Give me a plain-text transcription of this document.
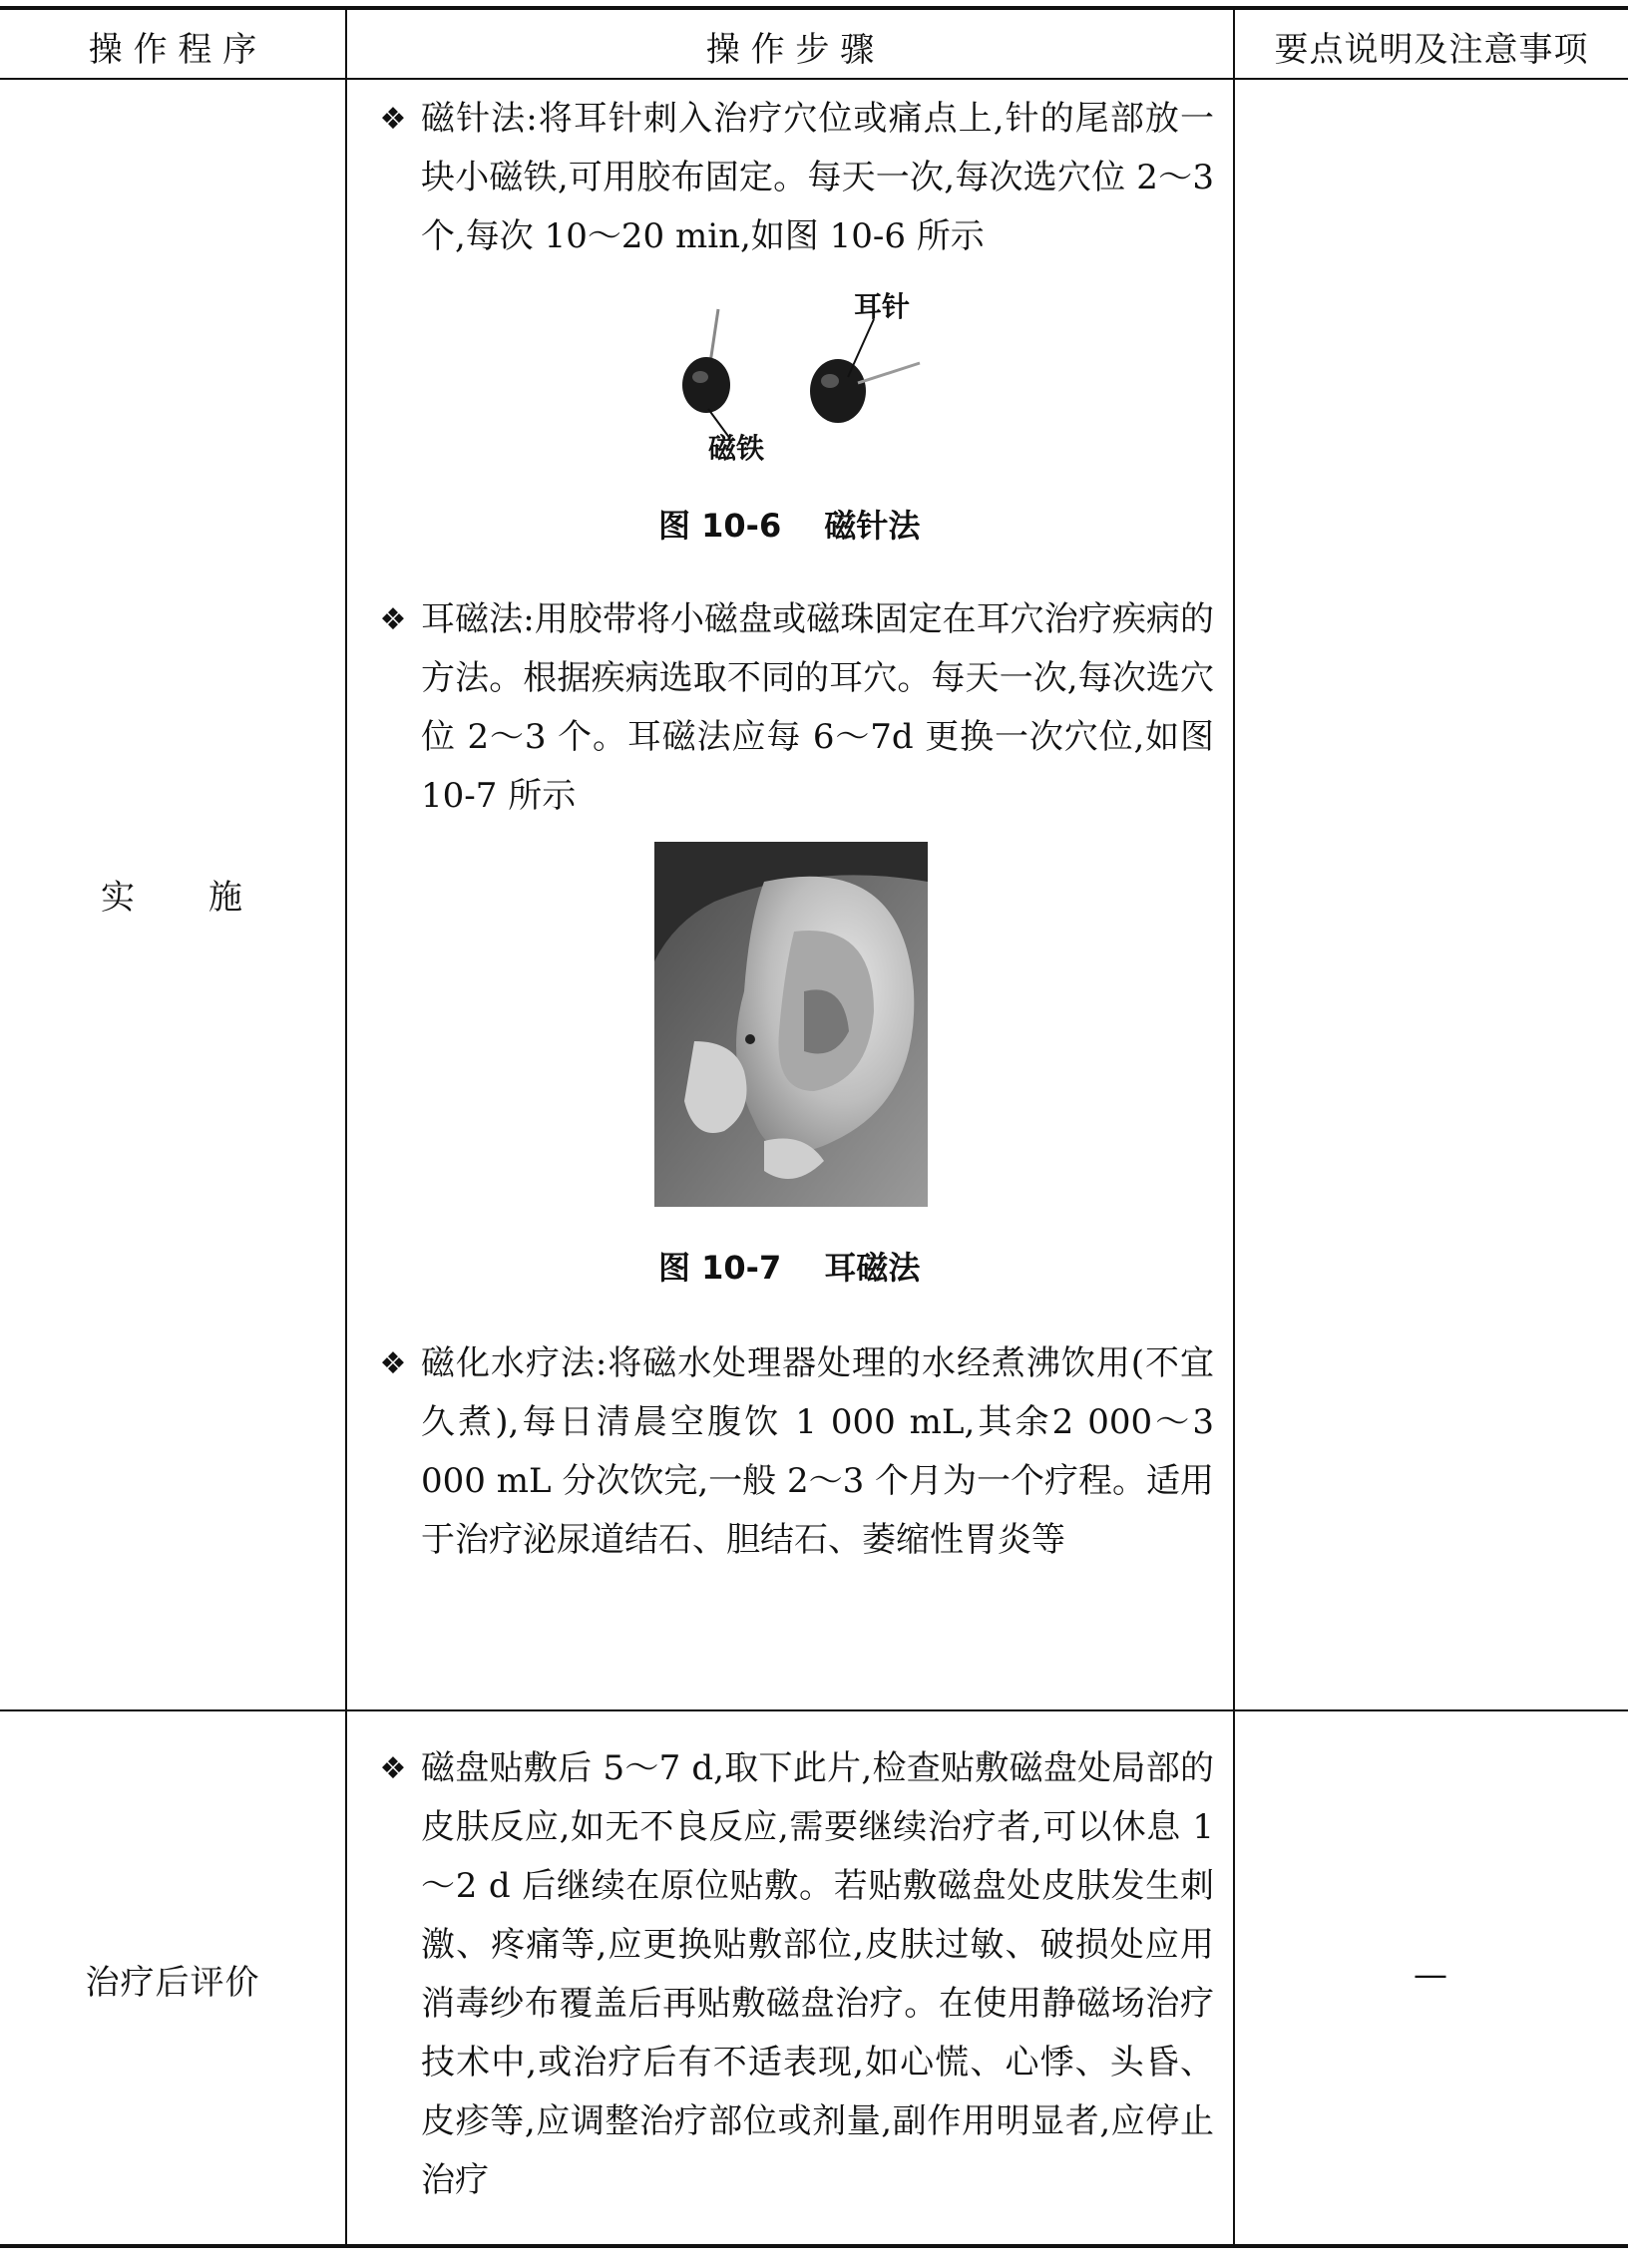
操 作 程 序	操 作 步 骤	要点说明及注意事项
实　　施
❖ 磁针法:将耳针刺入治疗穴位或痛点上,针的尾部放一块小磁铁,可用胶布固定。每天一次,每次选穴位 2～3 个,每次 10～20 min,如图 10-6 所示
耳针
磁铁
图 10-6　 磁针法
❖ 耳磁法:用胶带将小磁盘或磁珠固定在耳穴治疗疾病的方法。根据疾病选取不同的耳穴。每天一次,每次选穴位 2～3 个。耳磁法应每 6～7d 更换一次穴位,如图 10-7 所示
图 10-7　 耳磁法
❖ 磁化水疗法:将磁水处理器处理的水经煮沸饮用(不宜久煮),每日清晨空腹饮 1 000 mL,其余2 000～3 000 mL 分次饮完,一般 2～3 个月为一个疗程。适用于治疗泌尿道结石、胆结石、萎缩性胃炎等
治疗后评价
❖ 磁盘贴敷后 5～7 d,取下此片,检查贴敷磁盘处局部的皮肤反应,如无不良反应,需要继续治疗者,可以休息 1～2 d 后继续在原位贴敷。若贴敷磁盘处皮肤发生刺激、疼痛等,应更换贴敷部位,皮肤过敏、破损处应用消毒纱布覆盖后再贴敷磁盘治疗。在使用静磁场治疗技术中,或治疗后有不适表现,如心慌、心悸、头昏、皮疹等,应调整治疗部位或剂量,副作用明显者,应停止治疗
—
